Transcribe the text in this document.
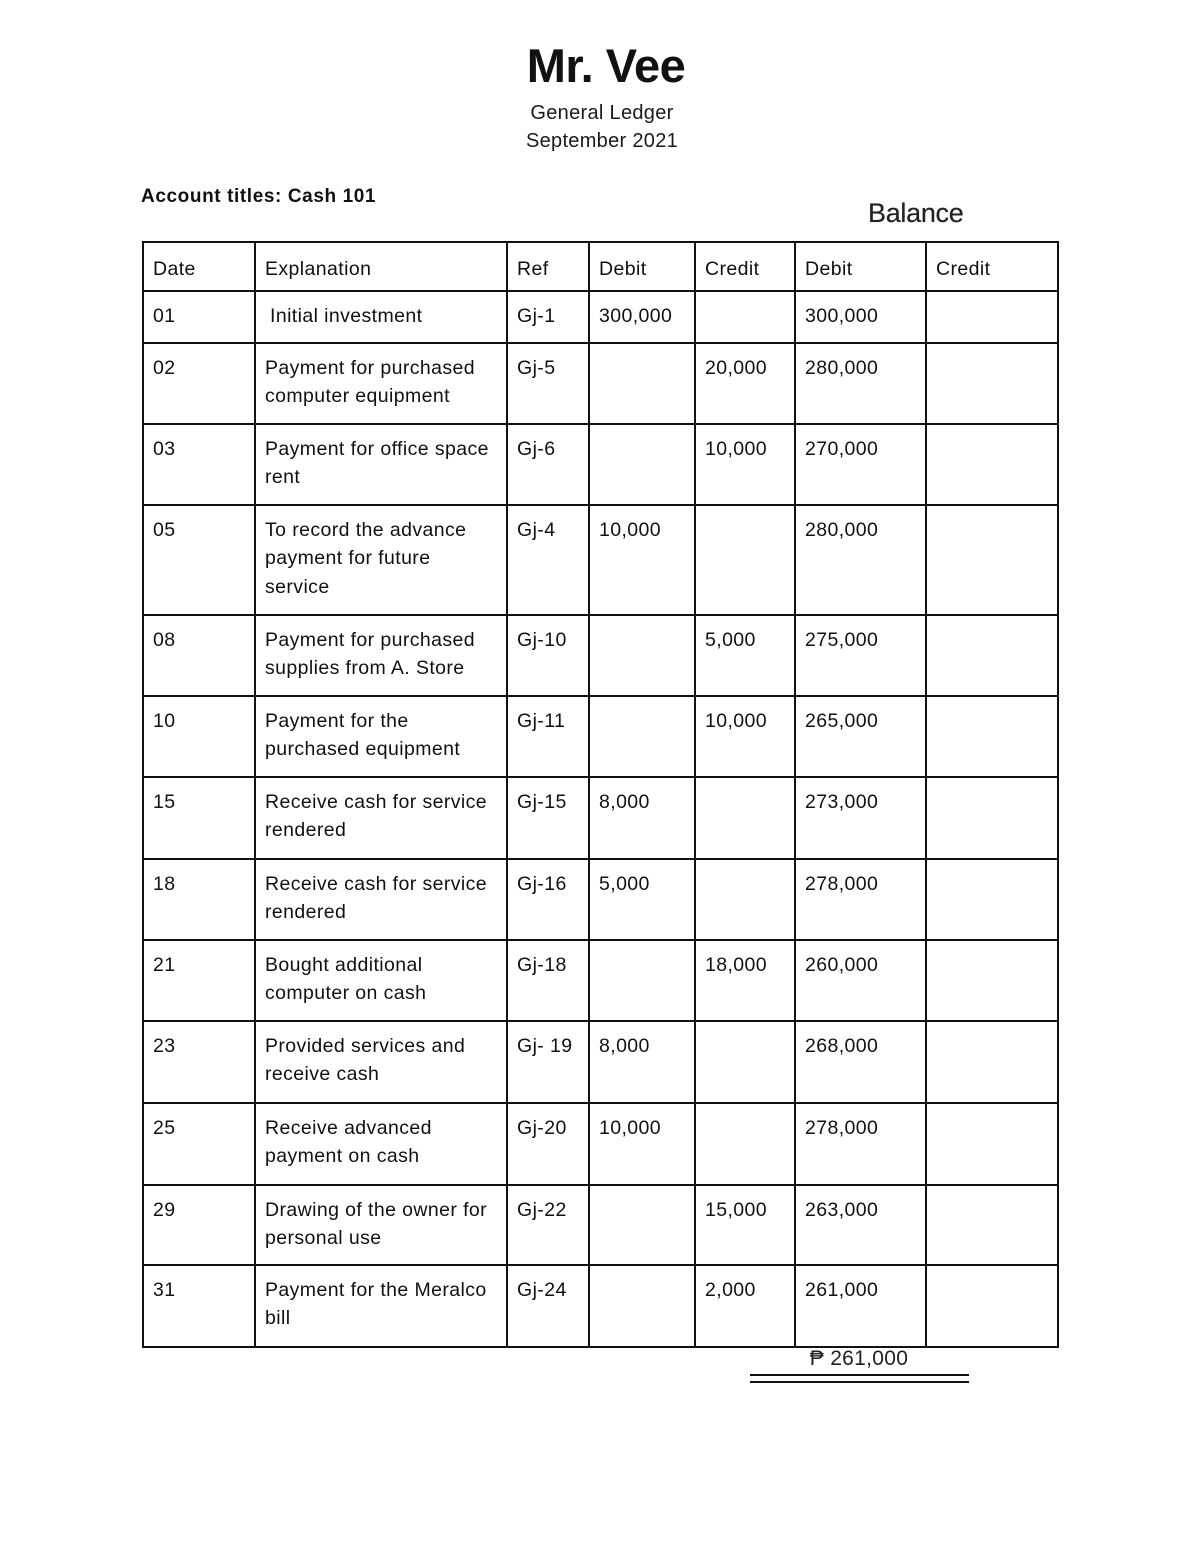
Mr. Vee
General Ledger
September 2021
Account titles: Cash 101
Balance
Date	Explanation	Ref	Debit	Credit	Debit	Credit
01	Initial investment	Gj-1	300,000		300,000	
02	Payment for purchased computer equipment	Gj-5		20,000	280,000	
03	Payment for office space rent	Gj-6		10,000	270,000	
05	To record the advance payment for future service	Gj-4	10,000		280,000	
08	Payment for purchased supplies from A. Store	Gj-10		5,000	275,000	
10	Payment for the purchased equipment	Gj-11		10,000	265,000	
15	Receive cash for service rendered	Gj-15	8,000		273,000	
18	Receive cash for service rendered	Gj-16	5,000		278,000	
21	Bought additional computer on cash	Gj-18		18,000	260,000	
23	Provided services and receive cash	Gj- 19	8,000		268,000	
25	Receive advanced payment on cash	Gj-20	10,000		278,000	
29	Drawing of the owner for personal use	Gj-22		15,000	263,000	
31	Payment for the Meralco bill	Gj-24		2,000	261,000	
₱ 261,000
